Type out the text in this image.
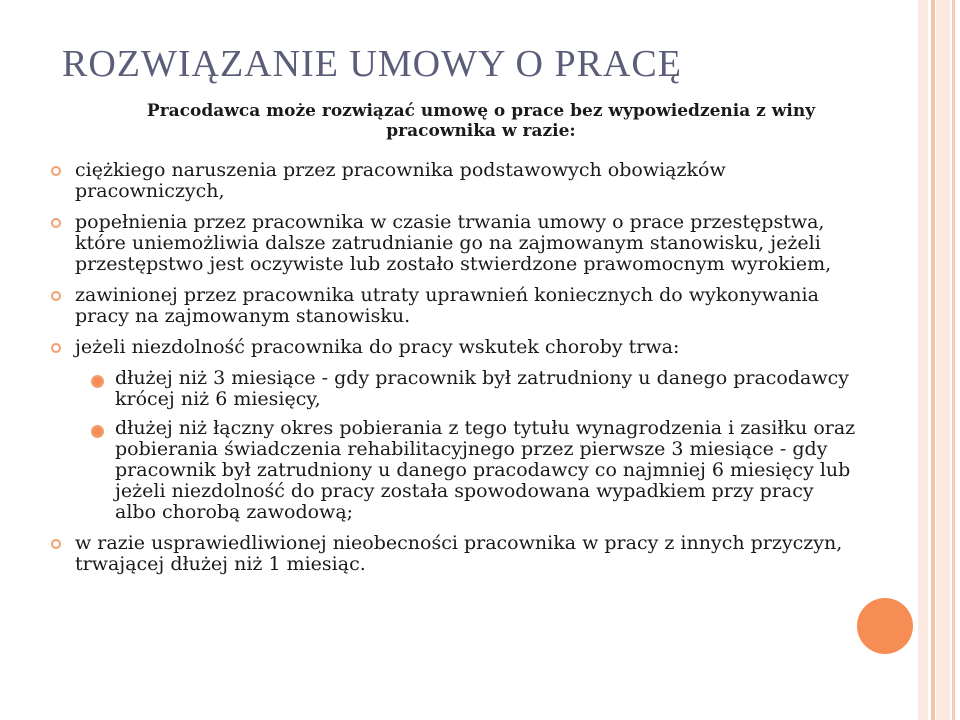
ROZWIĄZANIE UMOWY O PRACĘ
Pracodawca może rozwiązać umowę o prace bez wypowiedzenia z winy pracownika w razie:
ciężkiego naruszenia przez pracownika podstawowych obowiązków pracowniczych,
popełnienia przez pracownika w czasie trwania umowy o prace przestępstwa, które uniemożliwia dalsze zatrudnianie go na zajmowanym stanowisku, jeżeli przestępstwo jest oczywiste lub zostało stwierdzone prawomocnym wyrokiem,
zawinionej przez pracownika utraty uprawnień koniecznych do wykonywania pracy na zajmowanym stanowisku.
jeżeli niezdolność pracownika do pracy wskutek choroby trwa:
dłużej niż 3 miesiące - gdy pracownik był zatrudniony u danego pracodawcy krócej niż 6 miesięcy,
dłużej niż łączny okres pobierania z tego tytułu wynagrodzenia i zasiłku oraz pobierania świadczenia rehabilitacyjnego przez pierwsze 3 miesiące - gdy pracownik był zatrudniony u danego pracodawcy co najmniej 6 miesięcy lub jeżeli niezdolność do pracy została spowodowana wypadkiem przy pracy albo chorobą zawodową;
w razie usprawiedliwionej nieobecności pracownika w pracy z innych przyczyn, trwającej dłużej niż 1 miesiąc.
